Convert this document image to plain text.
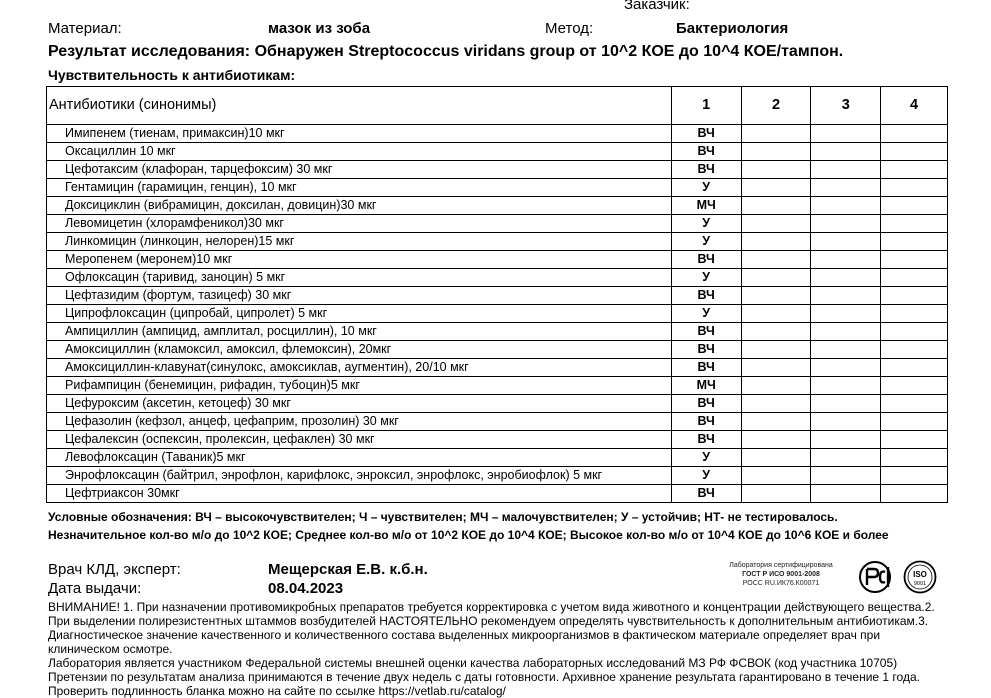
Заказчик:
Материал:	мазок из зоба	Метод:	Бактериология
Результат исследования: Обнаружен Streptococcus viridans group от 10^2 КОЕ до 10^4 КОЕ/тампон.
Чувствительность к антибиотикам:
Антибиотики (синонимы)	1	2	3	4
Имипенем (тиенам, примаксин)10 мкг	ВЧ			
Оксациллин 10 мкг	ВЧ			
Цефотаксим (клафоран, тарцефоксим) 30 мкг	ВЧ			
Гентамицин (гарамицин, генцин), 10 мкг	У			
Доксициклин (вибрамицин, доксилан, довицин)30 мкг	МЧ			
Левомицетин (хлорамфеникол)30 мкг	У			
Линкомицин (линкоцин, нелорен)15 мкг	У			
Меропенем (меронем)10 мкг	ВЧ			
Офлоксацин (таривид, заноцин) 5 мкг	У			
Цефтазидим (фортум, тазицеф) 30 мкг	ВЧ			
Ципрофлоксацин (ципробай, ципролет) 5 мкг	У			
Ампициллин (ампицид, амплитал, росциллин), 10 мкг	ВЧ			
Амоксициллин (кламоксил, амоксил, флемоксин), 20мкг	ВЧ			
Амоксициллин-клавунат(синулокс, амоксиклав, аугментин), 20/10 мкг	ВЧ			
Рифампицин (бенемицин, рифадин, тубоцин)5 мкг	МЧ			
Цефуроксим (аксетин, кетоцеф) 30 мкг	ВЧ			
Цефазолин (кефзол, анцеф, цефаприм, прозолин) 30 мкг	ВЧ			
Цефалексин (оспексин, пролексин, цефаклен) 30 мкг	ВЧ			
Левофлоксацин (Таваник)5 мкг	У			
Энрофлоксацин (байтрил, энрофлон, карифлокс, энроксил, энрофлокс, энробиофлок) 5 мкг	У			
Цефтриаксон 30мкг	ВЧ			
Условные обозначения: ВЧ – высокочувствителен; Ч – чувствителен; МЧ – малочувствителен; У – устойчив; НТ- не тестировалось.
Незначительное кол-во м/о до 10^2 КОЕ; Среднее кол-во м/о от 10^2 КОЕ до 10^4 КОЕ; Высокое кол-во м/о от 10^4 КОЕ до 10^6 КОЕ и более
Врач КЛД, эксперт:	Мещерская Е.В. к.б.н.
Дата выдачи:	08.04.2023
Лаборатория сертифицирована
ГОСТ Р ИСО 9001-2008
РОСС RU.ИК76.К00071
ISO
9001
ВНИМАНИЕ! 1. При назначении противомикробных препаратов требуется корректировка с учетом вида животного и концентрации действующего вещества.2. При выделении полирезистентных штаммов возбудителей НАСТОЯТЕЛЬНО рекомендуем определять чувствительность к дополнительным антибиотикам.3. Диагностическое значение качественного и количественного состава выделенных микроорганизмов в фактическом материале определяет врач при клиническом осмотре.
Лаборатория является участником Федеральной системы внешней оценки качества лабораторных исследований МЗ РФ ФСВОК (код участника 10705)
Претензии по результатам анализа принимаются в течение двух недель с даты готовности. Архивное хранение результата гарантировано в течение 1 года.
Проверить подлинность бланка можно на сайте по ссылке https://vetlab.ru/catalog/
